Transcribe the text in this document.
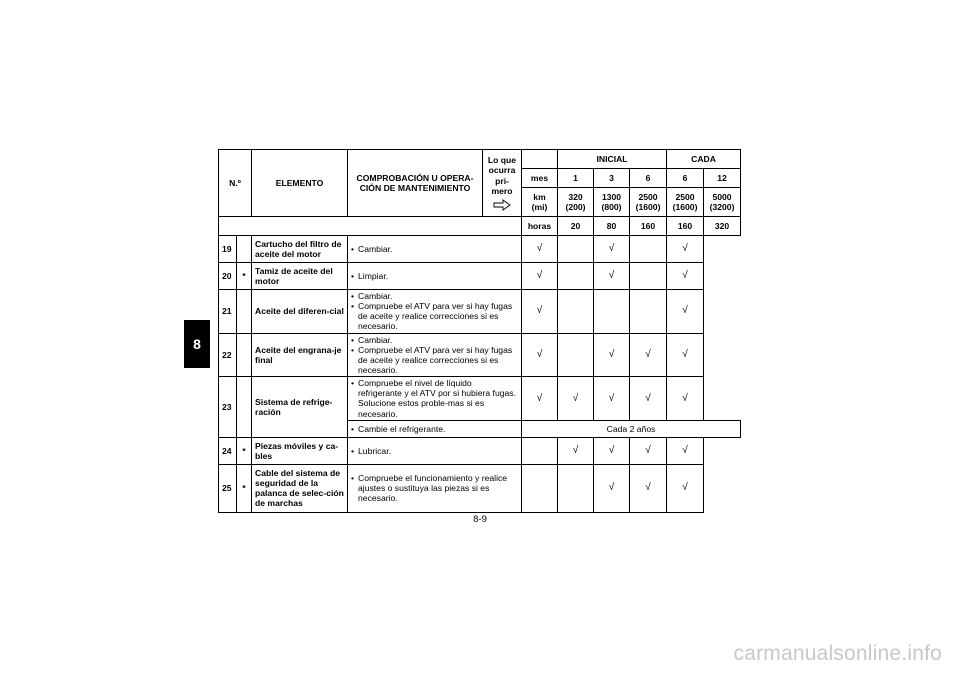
8
N.º		ELEMENTO	COMPROBACIÓN U OPERA-CIÓN DE MANTENIMIENTO	Lo que ocurra pri-mero		INICIAL			CADA	
					mes	1	3	6	6	12
					km (mi)	320 (200)	1300 (800)	2500 (1600)	2500 (1600)	5000 (3200)
					horas	20	80	160	160	320
19		Cartucho del filtro de aceite del motor	• Cambiar.		√		√		√	
20	*	Tamiz de aceite del motor	• Limpiar.		√		√		√	
21		Aceite del diferen-cial	• Cambiar.
• Compruebe el ATV para ver si hay fugas de aceite y realice correcciones si es necesario.		√				√	
22		Aceite del engrana-je final	• Cambiar.
• Compruebe el ATV para ver si hay fugas de aceite y realice correcciones si es necesario.		√		√	√	√	
23		Sistema de refrige-ración	• Compruebe el nivel de líquido refrigerante y el ATV por si hubiera fugas. Solucione estos proble-mas si es necesario.		√	√	√	√	√	

			• Cambie el refrigerante.		Cada 2 años					
24	*	Piezas móviles y ca-bles	• Lubricar.			√	√	√	√	
25	*	Cable del sistema de seguridad de la palanca de selec-ción de marchas	• Compruebe el funcionamiento y realice ajustes o sustituya las piezas si es necesario.				√	√	√	
8-9
carmanualsonline.info
